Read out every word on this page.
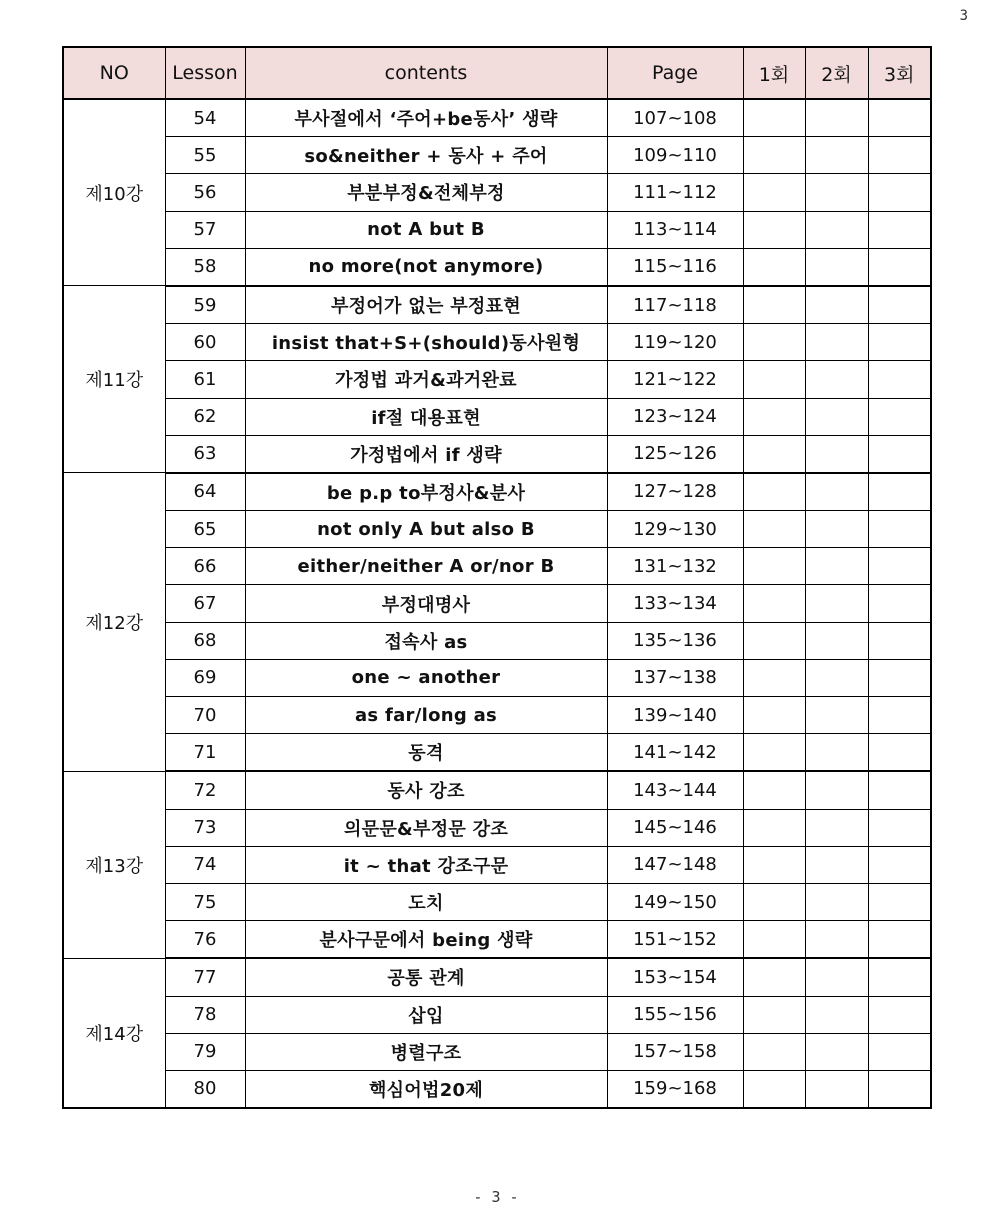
3
NO	Lesson	contents	Page	1회	2회	3회
제10강	54	부사절에서 ‘주어+be동사’ 생략	107~108			
	55	so&neither + 동사 + 주어	109~110			
	56	부분부정&전체부정	111~112			
	57	not A but B	113~114			
	58	no more(not anymore)	115~116			
제11강	59	부정어가 없는 부정표현	117~118			
	60	insist that+S+(should)동사원형	119~120			
	61	가정법 과거&과거완료	121~122			
	62	if절 대용표현	123~124			
	63	가정법에서 if 생략	125~126			
제12강	64	be p.p to부정사&분사	127~128			
	65	not only A but also B	129~130			
	66	either/neither A or/nor B	131~132			
	67	부정대명사	133~134			
	68	접속사 as	135~136			
	69	one ~ another	137~138			
	70	as far/long as	139~140			
	71	동격	141~142			
제13강	72	동사 강조	143~144			
	73	의문문&부정문 강조	145~146			
	74	it ~ that 강조구문	147~148			
	75	도치	149~150			
	76	분사구문에서 being 생략	151~152			
제14강	77	공통 관계	153~154			
	78	삽입	155~156			
	79	병렬구조	157~158			
	80	핵심어법20제	159~168			
- 3 -
